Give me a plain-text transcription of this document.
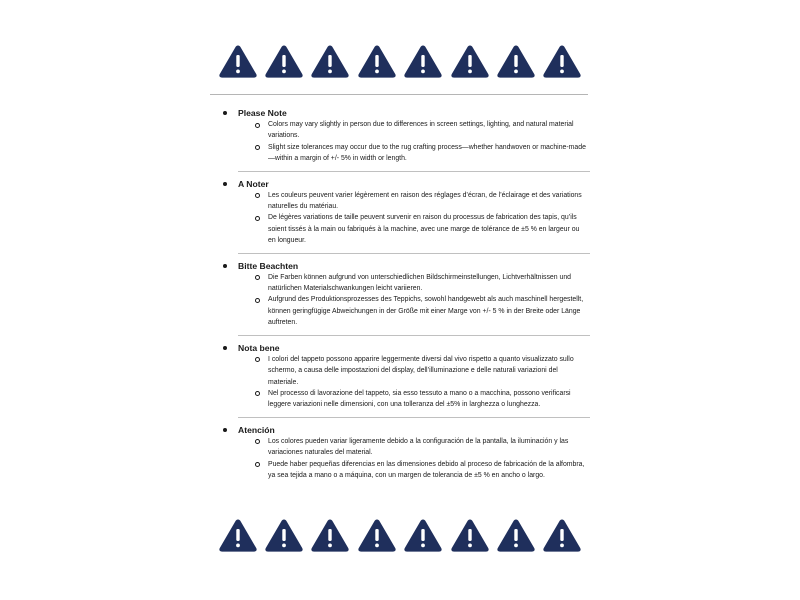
Please Note

Colors may vary slightly in person due to differences in screen settings, lighting, and natural material variations.
Slight size tolerances may occur due to the rug crafting process—whether handwoven or machine-made—within a margin of +/- 5% in width or length.

A Noter

Les couleurs peuvent varier légèrement en raison des réglages d’écran, de l’éclairage et des variations naturelles du matériau.
De légères variations de taille peuvent survenir en raison du processus de fabrication des tapis, qu’ils soient tissés à la main ou fabriqués à la machine, avec une marge de tolérance de ±5 % en largeur ou en longueur.

Bitte Beachten

Die Farben können aufgrund von unterschiedlichen Bildschirmeinstellungen, Lichtverhältnissen und natürlichen Materialschwankungen leicht variieren.
Aufgrund des Produktionsprozesses des Teppichs, sowohl handgewebt als auch maschinell hergestellt, können geringfügige Abweichungen in der Größe mit einer Marge von +/- 5 % in der Breite oder Länge auftreten.

Nota bene

I colori del tappeto possono apparire leggermente diversi dal vivo rispetto a quanto visualizzato sullo schermo, a causa delle impostazioni del display, dell’illuminazione e delle naturali variazioni del materiale.
Nel processo di lavorazione del tappeto, sia esso tessuto a mano o a macchina, possono verificarsi leggere variazioni nelle dimensioni, con una tolleranza del ±5% in larghezza o lunghezza.

Atención

Los colores pueden variar ligeramente debido a la configuración de la pantalla, la iluminación y las variaciones naturales del material.
Puede haber pequeñas diferencias en las dimensiones debido al proceso de fabricación de la alfombra, ya sea tejida a mano o a máquina, con un margen de tolerancia de ±5 % en ancho o largo.
